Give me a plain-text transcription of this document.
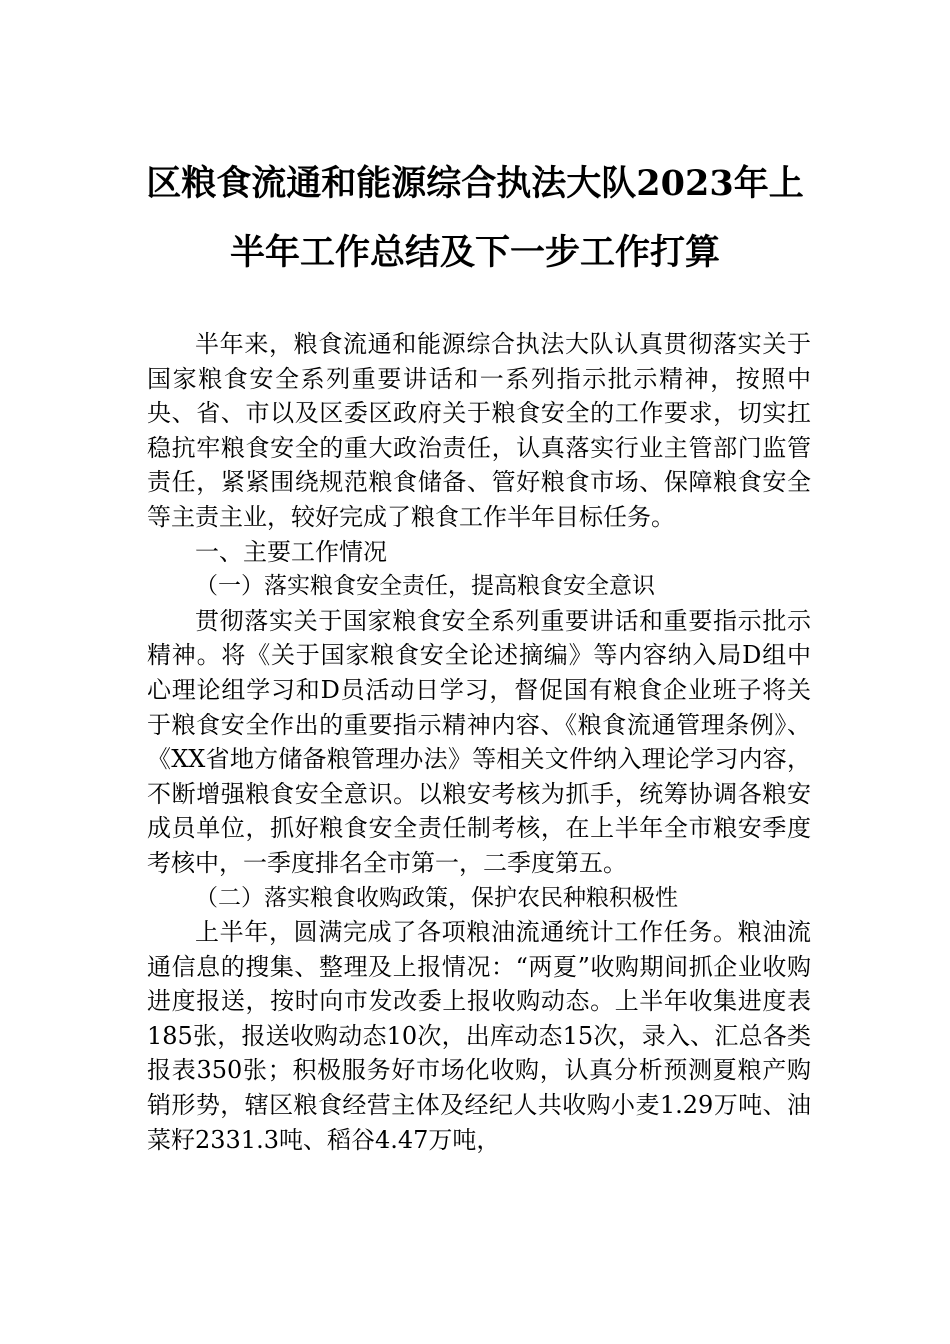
区粮食流通和能源综合执法大队2023年上
半年工作总结及下一步工作打算

半年来，粮食流通和能源综合执法大队认真贯彻落实关于国家粮食安全系列重要讲话和一系列指示批示精神，按照中央、省、市以及区委区政府关于粮食安全的工作要求，切实扛稳抗牢粮食安全的重大政治责任，认真落实行业主管部门监管责任，紧紧围绕规范粮食储备、管好粮食市场、保障粮食安全等主责主业，较好完成了粮食工作半年目标任务。

一、主要工作情况

（一）落实粮食安全责任，提高粮食安全意识

贯彻落实关于国家粮食安全系列重要讲话和重要指示批示精神。将《关于国家粮食安全论述摘编》等内容纳入局D组中心理论组学习和D员活动日学习，督促国有粮食企业班子将关于粮食安全作出的重要指示精神内容、《粮食流通管理条例》、《XX省地方储备粮管理办法》等相关文件纳入理论学习内容，不断增强粮食安全意识。以粮安考核为抓手，统筹协调各粮安成员单位，抓好粮食安全责任制考核，在上半年全市粮安季度考核中，一季度排名全市第一，二季度第五。

（二）落实粮食收购政策，保护农民种粮积极性

上半年，圆满完成了各项粮油流通统计工作任务。粮油流通信息的搜集、整理及上报情况：“两夏”收购期间抓企业收购进度报送，按时向市发改委上报收购动态。上半年收集进度表185张，报送收购动态10次，出库动态15次，录入、汇总各类报表350张；积极服务好市场化收购，认真分析预测夏粮产购销形势，辖区粮食经营主体及经纪人共收购小麦1.29万吨、油菜籽2331.3吨、稻谷4.47万吨，
